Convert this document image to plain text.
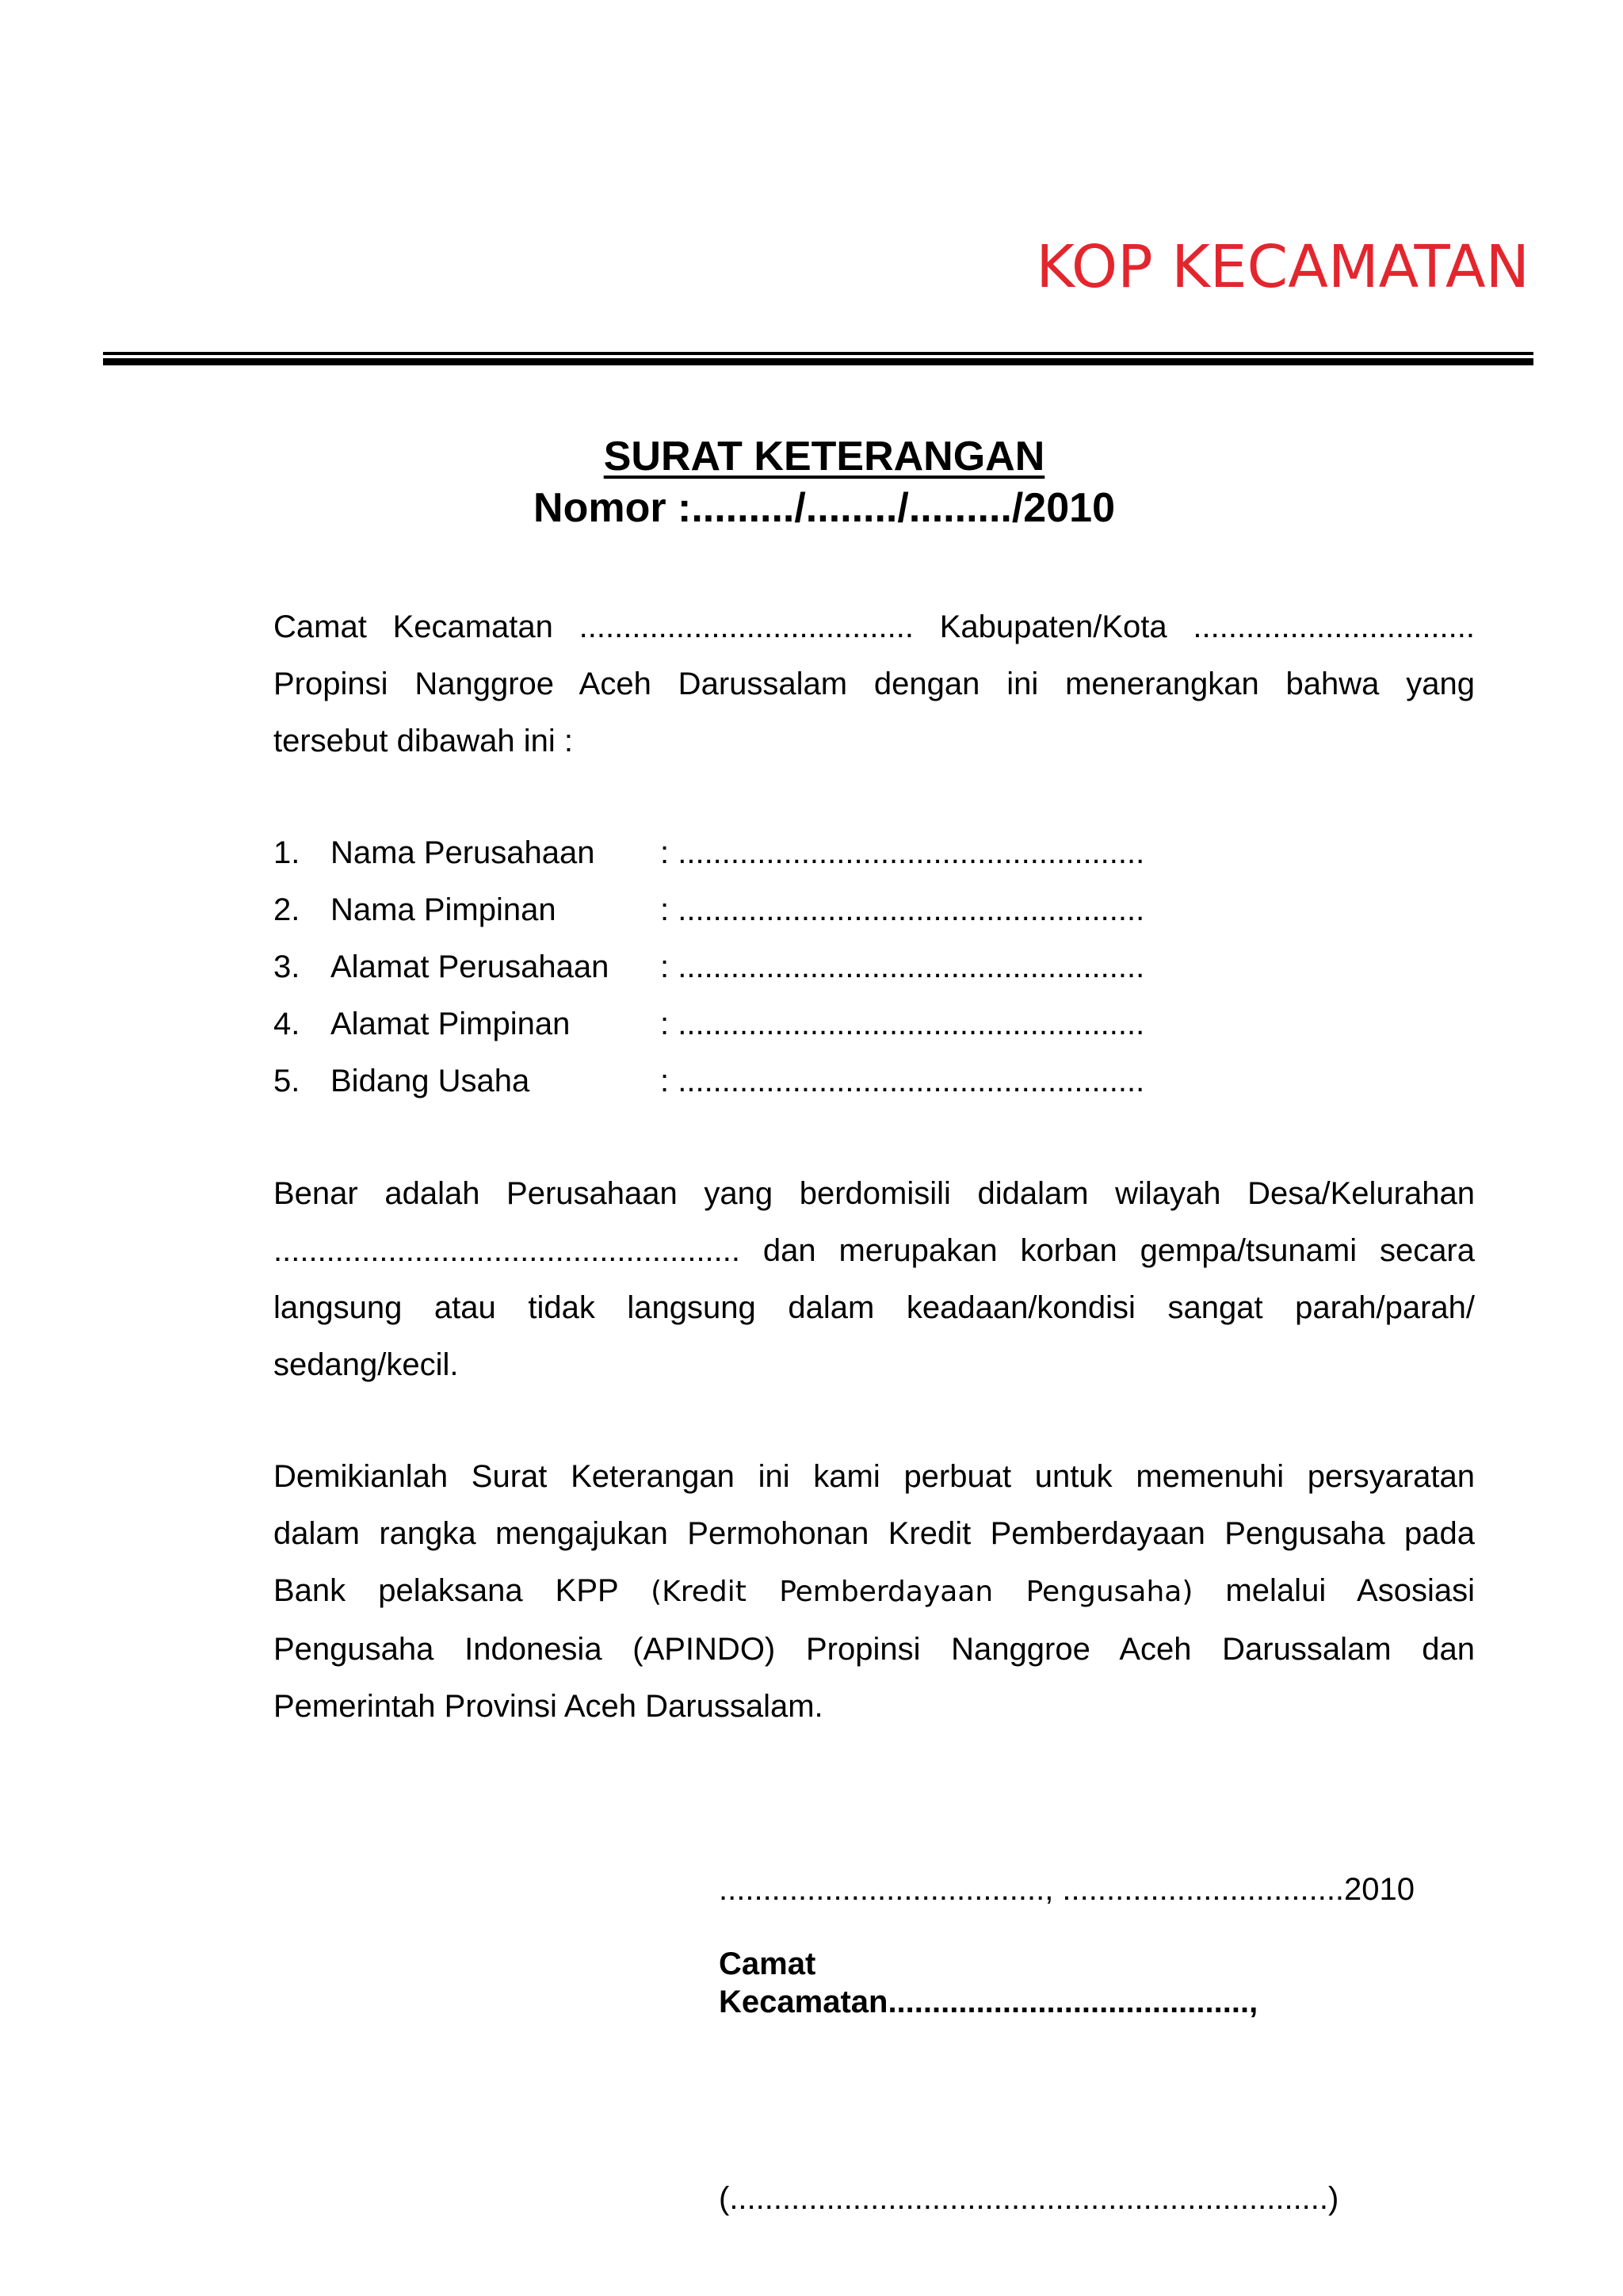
KOP KECAMATAN
SURAT KETERANGAN
Nomor :........./......../........./2010
Camat Kecamatan ...................................... Kabupaten/Kota ................................
Propinsi Nanggroe Aceh Darussalam dengan ini menerangkan bahwa yang
tersebut dibawah ini :
1. Nama Perusahaan : .....................................................
2. Nama Pimpinan	: .....................................................
3. Alamat Perusahaan : .....................................................
4. Alamat Pimpinan	: .....................................................
5. Bidang Usaha	: .....................................................
Benar adalah Perusahaan yang berdomisili didalam wilayah Desa/Kelurahan
..................................................... dan merupakan korban gempa/tsunami secara
langsung atau tidak langsung dalam keadaan/kondisi sangat parah/parah/
sedang/kecil.
Demikianlah Surat Keterangan ini kami perbuat untuk memenuhi persyaratan
dalam rangka mengajukan Permohonan Kredit Pemberdayaan Pengusaha pada
Bank pelaksana KPP (Kredit Pemberdayaan Pengusaha) melalui Asosiasi
Pengusaha Indonesia (APINDO) Propinsi Nanggroe Aceh Darussalam dan
Pemerintah Provinsi Aceh Darussalam.
....................................., ................................2010
Camat
Kecamatan.........................................,
(....................................................................)
